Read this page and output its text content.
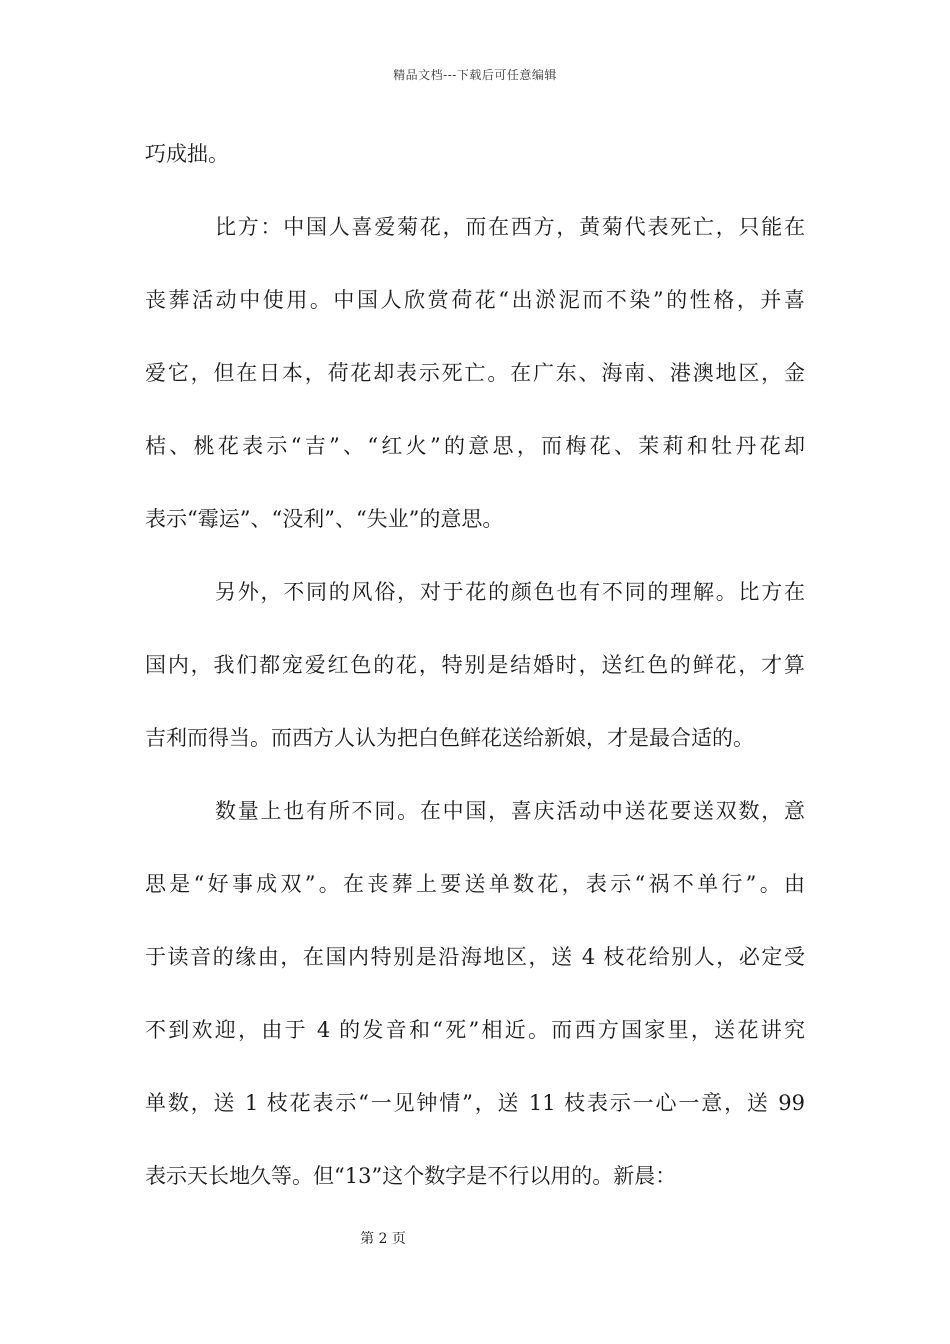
精品文档---下载后可任意编辑
巧成拙。
比方：中国人喜爱菊花，而在西方，黄菊代表死亡，只能在
丧葬活动中使用。中国人欣赏荷花“出淤泥而不染”的性格，并喜
爱它，但在日本，荷花却表示死亡。在广东、海南、港澳地区，金
桔、桃花表示“吉”、“红火”的意思，而梅花、茉莉和牡丹花却
表示“霉运”、“没利”、“失业”的意思。
另外，不同的风俗，对于花的颜色也有不同的理解。比方在
国内，我们都宠爱红色的花，特别是结婚时，送红色的鲜花，才算
吉利而得当。而西方人认为把白色鲜花送给新娘，才是最合适的。
数量上也有所不同。在中国，喜庆活动中送花要送双数，意
思是“好事成双”。在丧葬上要送单数花，表示“祸不单行”。由
于读音的缘由，在国内特别是沿海地区，送 4 枝花给别人，必定受
不到欢迎，由于 4 的发音和“死”相近。而西方国家里，送花讲究
单数，送 1 枝花表示“一见钟情”，送 11 枝表示一心一意，送 99
表示天长地久等。但“13”这个数字是不行以用的。新晨：
第 2 页
